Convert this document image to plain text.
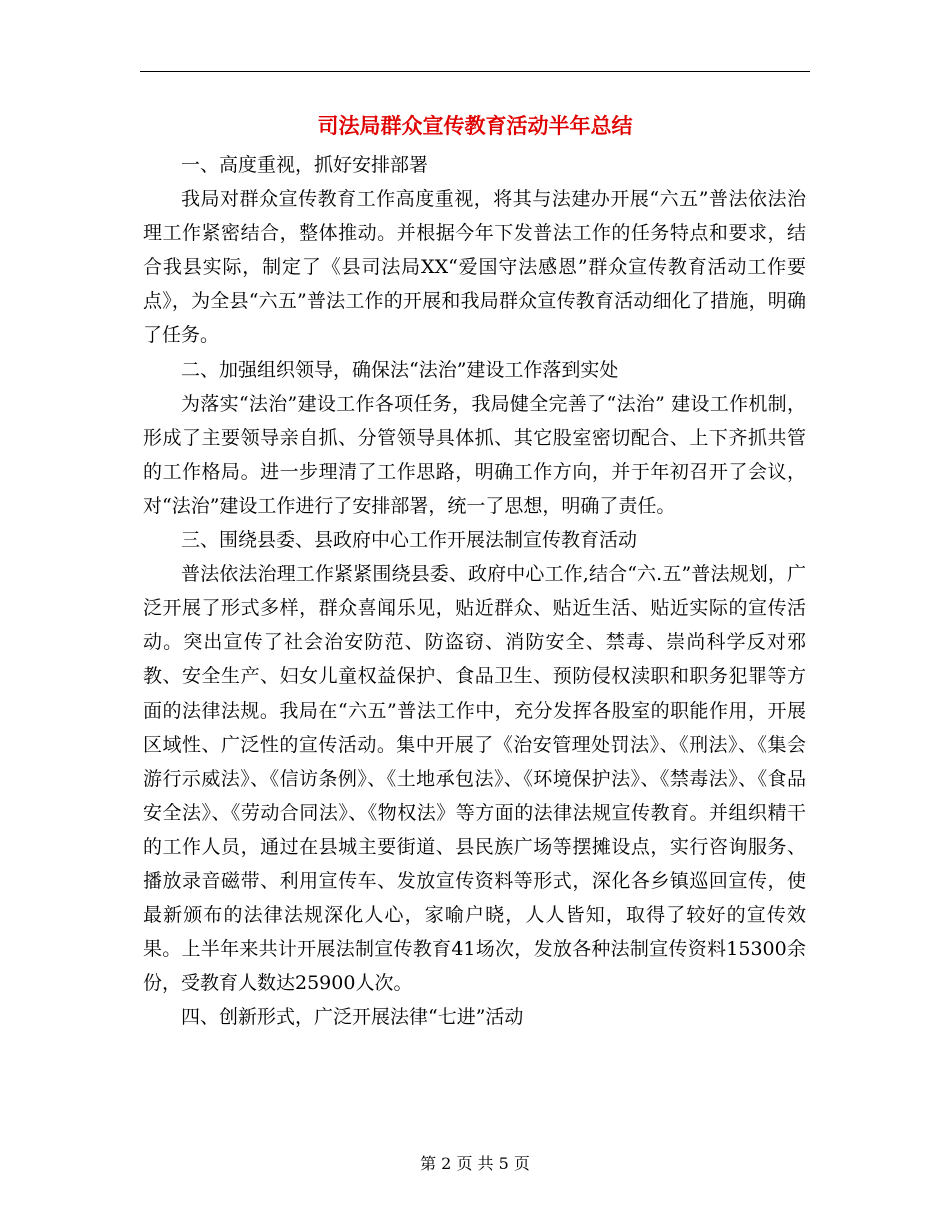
司法局群众宣传教育活动半年总结

一、高度重视，抓好安排部署

我局对群众宣传教育工作高度重视，将其与法建办开展“六五”普法依法治理工作紧密结合，整体推动。并根据今年下发普法工作的任务特点和要求，结合我县实际，制定了《县司法局XX“爱国守法感恩”群众宣传教育活动工作要点》，为全县“六五”普法工作的开展和我局群众宣传教育活动细化了措施，明确了任务。

二、加强组织领导，确保法“法治”建设工作落到实处

为落实“法治”建设工作各项任务，我局健全完善了“法治” 建设工作机制，形成了主要领导亲自抓、分管领导具体抓、其它股室密切配合、上下齐抓共管的工作格局。进一步理清了工作思路，明确工作方向，并于年初召开了会议，对“法治”建设工作进行了安排部署，统一了思想，明确了责任。

三、围绕县委、县政府中心工作开展法制宣传教育活动

普法依法治理工作紧紧围绕县委、政府中心工作,结合“六.五”普法规划，广泛开展了形式多样，群众喜闻乐见，贴近群众、贴近生活、贴近实际的宣传活动。突出宣传了社会治安防范、防盗窃、消防安全、禁毒、崇尚科学反对邪教、安全生产、妇女儿童权益保护、食品卫生、预防侵权渎职和职务犯罪等方面的法律法规。我局在“六五”普法工作中，充分发挥各股室的职能作用，开展区域性、广泛性的宣传活动。集中开展了《治安管理处罚法》、《刑法》、《集会游行示威法》、《信访条例》、《土地承包法》、《环境保护法》、《禁毒法》、《食品安全法》、《劳动合同法》、《物权法》等方面的法律法规宣传教育。并组织精干的工作人员，通过在县城主要街道、县民族广场等摆摊设点，实行咨询服务、播放录音磁带、利用宣传车、发放宣传资料等形式，深化各乡镇巡回宣传，使最新颁布的法律法规深化人心，家喻户晓，人人皆知，取得了较好的宣传效果。上半年来共计开展法制宣传教育41场次，发放各种法制宣传资料15300余份，受教育人数达25900人次。

四、创新形式，广泛开展法律“七进”活动

第 2 页 共 5 页
